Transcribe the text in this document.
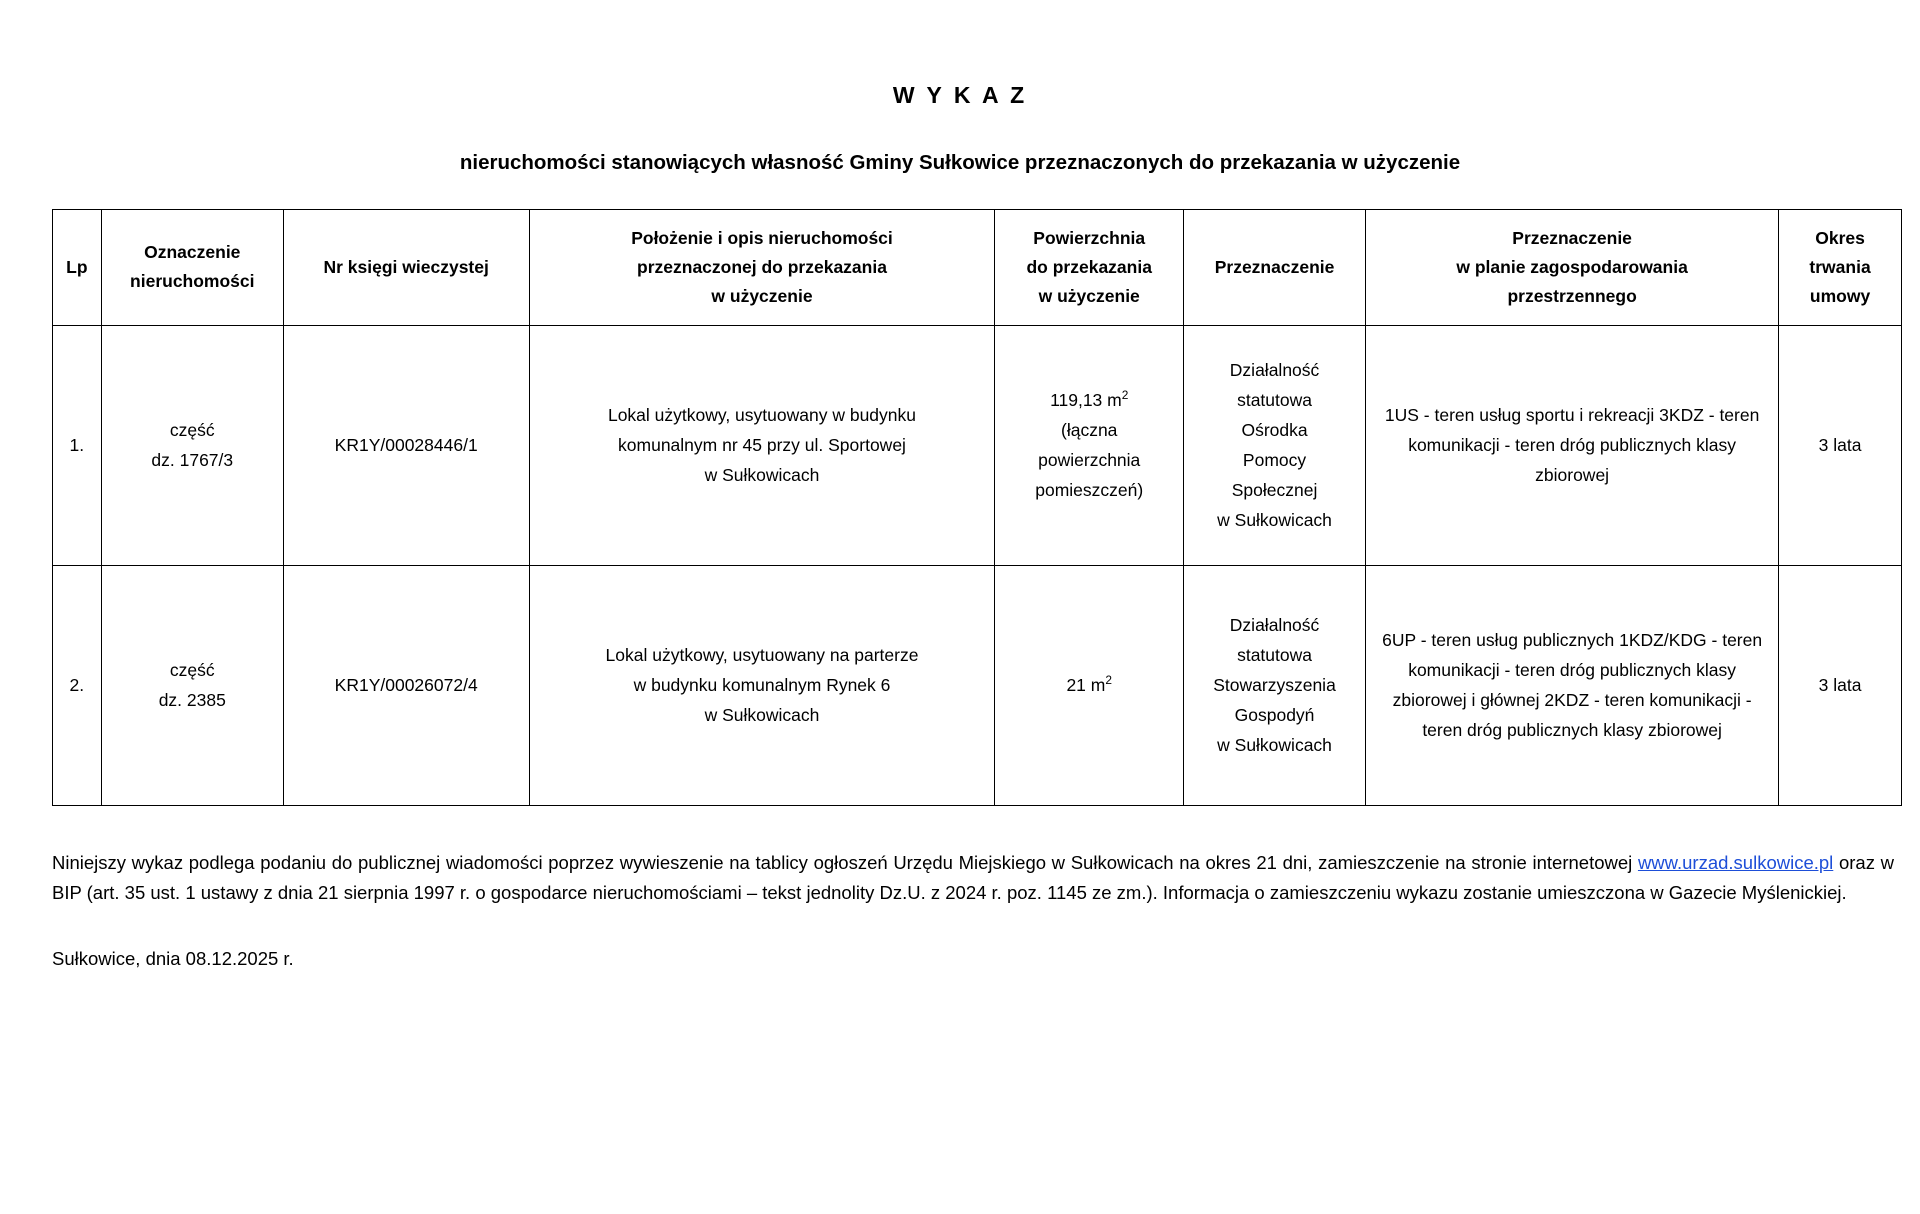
W Y K A Z
nieruchomości stanowiących własność Gminy Sułkowice przeznaczonych do przekazania w użyczenie
Lp	Oznaczenie
nieruchomości	Nr księgi wieczystej	Położenie i opis nieruchomości
przeznaczonej do przekazania
w użyczenie	Powierzchnia
do przekazania
w użyczenie	Przeznaczenie	Przeznaczenie
w planie zagospodarowania
przestrzennego	Okres
trwania
umowy
1.	część
dz. 1767/3	KR1Y/00028446/1	Lokal użytkowy, usytuowany w budynku
komunalnym nr 45 przy ul. Sportowej
w Sułkowicach	119,13 $m^2$
(łączna
powierzchnia
pomieszczeń)	Działalność
statutowa
Ośrodka
Pomocy
Społecznej
w Sułkowicach	1US - teren usług sportu i rekreacji 3KDZ - teren komunikacji - teren dróg publicznych klasy zbiorowej	3 lata
2.	część
dz. 2385	KR1Y/00026072/4	Lokal użytkowy, usytuowany na parterze
w budynku komunalnym Rynek 6
w Sułkowicach	21 $m^2$	Działalność
statutowa
Stowarzyszenia
Gospodyń
w Sułkowicach	6UP - teren usług publicznych 1KDZ/KDG - teren komunikacji - teren dróg publicznych klasy zbiorowej i głównej 2KDZ - teren komunikacji - teren dróg publicznych klasy zbiorowej	3 lata

Niniejszy wykaz podlega podaniu do publicznej wiadomości poprzez wywieszenie na tablicy ogłoszeń Urzędu Miejskiego w Sułkowicach na okres 21 dni, zamieszczenie na stronie internetowej www.urzad.sulkowice.pl oraz w BIP (art. 35 ust. 1 ustawy z dnia 21 sierpnia 1997 r. o gospodarce nieruchomościami – tekst jednolity Dz.U. z 2024 r. poz. 1145 ze zm.). Informacja o zamieszczeniu wykazu zostanie umieszczona w Gazecie Myślenickiej.

Sułkowice, dnia 08.12.2025 r.
